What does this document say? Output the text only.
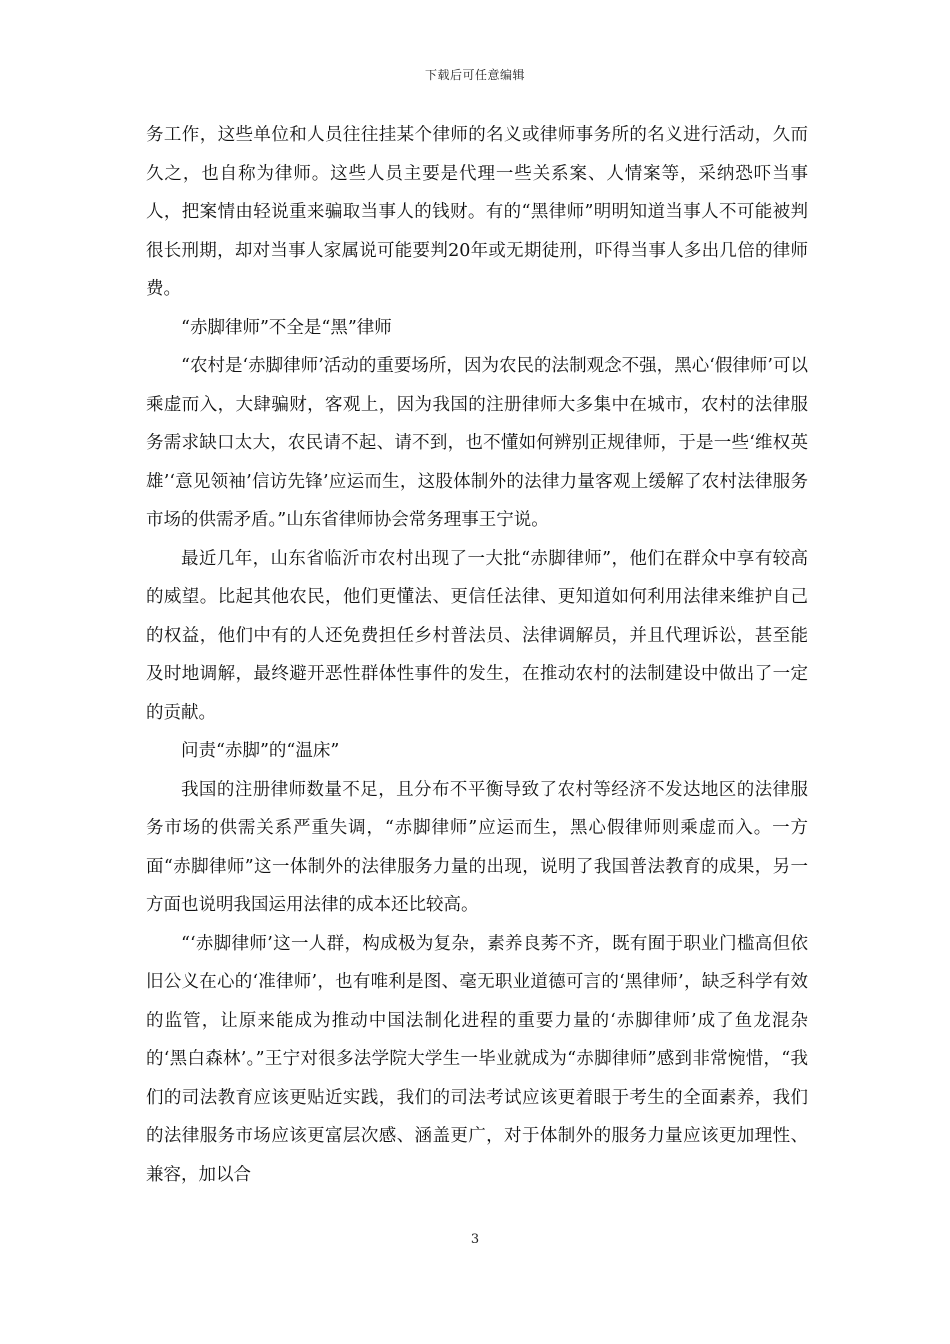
下载后可任意编辑

务工作，这些单位和人员往往挂某个律师的名义或律师事务所的名义进行活动，久而久之，也自称为律师。这些人员主要是代理一些关系案、人情案等，采纳恐吓当事人，把案情由轻说重来骗取当事人的钱财。有的“黑律师”明明知道当事人不可能被判很长刑期，却对当事人家属说可能要判20年或无期徒刑，吓得当事人多出几倍的律师费。

“赤脚律师”不全是“黑”律师

“农村是‘赤脚律师’活动的重要场所，因为农民的法制观念不强，黑心‘假律师’可以乘虚而入，大肆骗财，客观上，因为我国的注册律师大多集中在城市，农村的法律服务需求缺口太大，农民请不起、请不到，也不懂如何辨别正规律师，于是一些‘维权英雄’‘意见领袖’信访先锋’应运而生，这股体制外的法律力量客观上缓解了农村法律服务市场的供需矛盾。”山东省律师协会常务理事王宁说。

最近几年，山东省临沂市农村出现了一大批“赤脚律师”，他们在群众中享有较高的威望。比起其他农民，他们更懂法、更信任法律、更知道如何利用法律来维护自己的权益，他们中有的人还免费担任乡村普法员、法律调解员，并且代理诉讼，甚至能及时地调解，最终避开恶性群体性事件的发生，在推动农村的法制建设中做出了一定的贡献。

问责“赤脚”的“温床”

我国的注册律师数量不足，且分布不平衡导致了农村等经济不发达地区的法律服务市场的供需关系严重失调，“赤脚律师”应运而生，黑心假律师则乘虚而入。一方面“赤脚律师”这一体制外的法律服务力量的出现，说明了我国普法教育的成果，另一方面也说明我国运用法律的成本还比较高。

“‘赤脚律师’这一人群，构成极为复杂，素养良莠不齐，既有囿于职业门槛高但依旧公义在心的‘准律师’，也有唯利是图、毫无职业道德可言的‘黑律师’，缺乏科学有效的监管，让原来能成为推动中国法制化进程的重要力量的‘赤脚律师’成了鱼龙混杂的‘黑白森林’。”王宁对很多法学院大学生一毕业就成为“赤脚律师”感到非常惋惜，“我们的司法教育应该更贴近实践，我们的司法考试应该更着眼于考生的全面素养，我们的法律服务市场应该更富层次感、涵盖更广，对于体制外的服务力量应该更加理性、兼容，加以合

3
